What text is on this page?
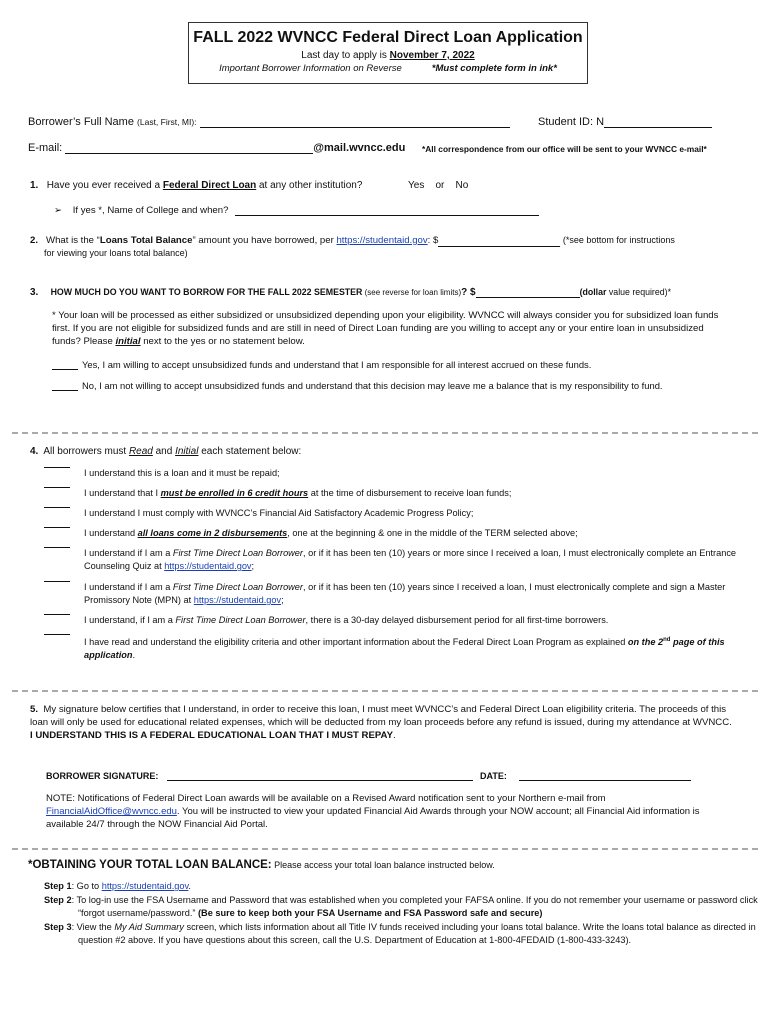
FALL 2022 WVNCC Federal Direct Loan Application
Last day to apply is November 7, 2022
Important Borrower Information on Reverse	*Must complete form in ink*
Borrower’s Full Name (Last, First, MI):	Student ID: N
E-mail:	@mail.wvncc.edu *All correspondence from our office will be sent to your WVNCC e-mail*
1. Have you ever received a Federal Direct Loan at any other institution?	Yes or No
➢ If yes *, Name of College and when?
2. What is the “Loans Total Balance” amount you have borrowed, per https://studentaid.gov: $	(*see bottom for instructions
for viewing your loans total balance)
3. HOW MUCH DO YOU WANT TO BORROW FOR THE FALL 2022 SEMESTER (see reverse for loan limits)? $	(dollar value required)*
* Your loan will be processed as either subsidized or unsubsidized depending upon your eligibility. WVNCC will always consider you for subsidized loan funds first. If you are not eligible for subsidized funds and are still in need of Direct Loan funding are you willing to accept any or your entire loan in unsubsidized funds? Please initial next to the yes or no statement below.
Yes, I am willing to accept unsubsidized funds and understand that I am responsible for all interest accrued on these funds.
No, I am not willing to accept unsubsidized funds and understand that this decision may leave me a balance that is my responsibility to fund.
4. All borrowers must Read and Initial each statement below:
I understand this is a loan and it must be repaid;
I understand that I must be enrolled in 6 credit hours at the time of disbursement to receive loan funds;
I understand I must comply with WVNCC’s Financial Aid Satisfactory Academic Progress Policy;
I understand all loans come in 2 disbursements, one at the beginning & one in the middle of the TERM selected above;
I understand if I am a First Time Direct Loan Borrower, or if it has been ten (10) years or more since I received a loan, I must electronically complete an Entrance Counseling Quiz at https://studentaid.gov;
I understand if I am a First Time Direct Loan Borrower, or if it has been ten (10) years since I received a loan, I must electronically complete and sign a Master Promissory Note (MPN) at https://studentaid.gov;
I understand, if I am a First Time Direct Loan Borrower, there is a 30-day delayed disbursement period for all first-time borrowers.
I have read and understand the eligibility criteria and other important information about the Federal Direct Loan Program as explained on the 2nd page of this application.
5. My signature below certifies that I understand, in order to receive this loan, I must meet WVNCC’s and Federal Direct Loan eligibility criteria. The proceeds of this loan will only be used for educational related expenses, which will be deducted from my loan proceeds before any refund is issued, during my attendance at WVNCC. I UNDERSTAND THIS IS A FEDERAL EDUCATIONAL LOAN THAT I MUST REPAY.
BORROWER SIGNATURE:	DATE:
NOTE: Notifications of Federal Direct Loan awards will be available on a Revised Award notification sent to your Northern e-mail from FinancialAidOffice@wvncc.edu. You will be instructed to view your updated Financial Aid Awards through your NOW account; all Financial Aid information is available 24/7 through the NOW Financial Aid Portal.
*OBTAINING YOUR TOTAL LOAN BALANCE: Please access your total loan balance instructed below.
Step 1: Go to https://studentaid.gov.
Step 2: To log-in use the FSA Username and Password that was established when you completed your FAFSA online. If you do not remember your username or password click “forgot username/password.” (Be sure to keep both your FSA Username and FSA Password safe and secure)
Step 3: View the My Aid Summary screen, which lists information about all Title IV funds received including your loans total balance. Write the loans total balance as directed in question #2 above. If you have questions about this screen, call the U.S. Department of Education at 1-800-4FEDAID (1-800-433-3243).
